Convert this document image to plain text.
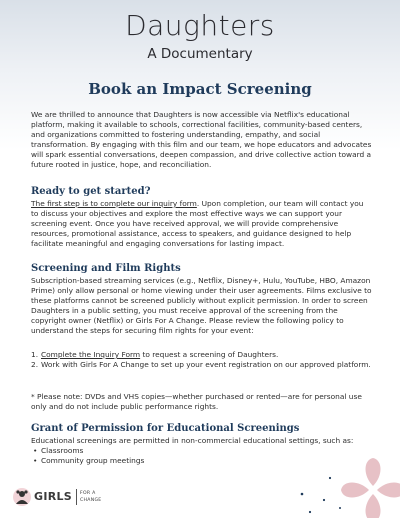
Daughters
A Documentary
Book an Impact Screening
We are thrilled to announce that Daughters is now accessible via Netflix's educational platform, making it available to schools, correctional facilities, community-based centers, and organizations committed to fostering understanding, empathy, and social transformation. By engaging with this film and our team, we hope educators and advocates will spark essential conversations, deepen compassion, and drive collective action toward a future rooted in justice, hope, and reconciliation.
Ready to get started?
The first step is to complete our inquiry form. Upon completion, our team will contact you to discuss your objectives and explore the most effective ways we can support your screening event. Once you have received approval, we will provide comprehensive resources, promotional assistance, access to speakers, and guidance designed to help facilitate meaningful and engaging conversations for lasting impact.
Screening and Film Rights
Subscription-based streaming services (e.g., Netflix, Disney+, Hulu, YouTube, HBO, Amazon Prime) only allow personal or home viewing under their user agreements. Films exclusive to these platforms cannot be screened publicly without explicit permission. In order to screen Daughters in a public setting, you must receive approval of the screening from the copyright owner (Netflix) or Girls For A Change. Please review the following policy to understand the steps for securing film rights for your event:
1. Complete the Inquiry Form to request a screening of Daughters.
2. Work with Girls For A Change to set up your event registration on our approved platform.
* Please note: DVDs and VHS copies—whether purchased or rented—are for personal use only and do not include public performance rights.
Grant of Permission for Educational Screenings
Educational screenings are permitted in non-commercial educational settings, such as:
• Classrooms
• Community group meetings
GIRLS FOR A
CHANGE
